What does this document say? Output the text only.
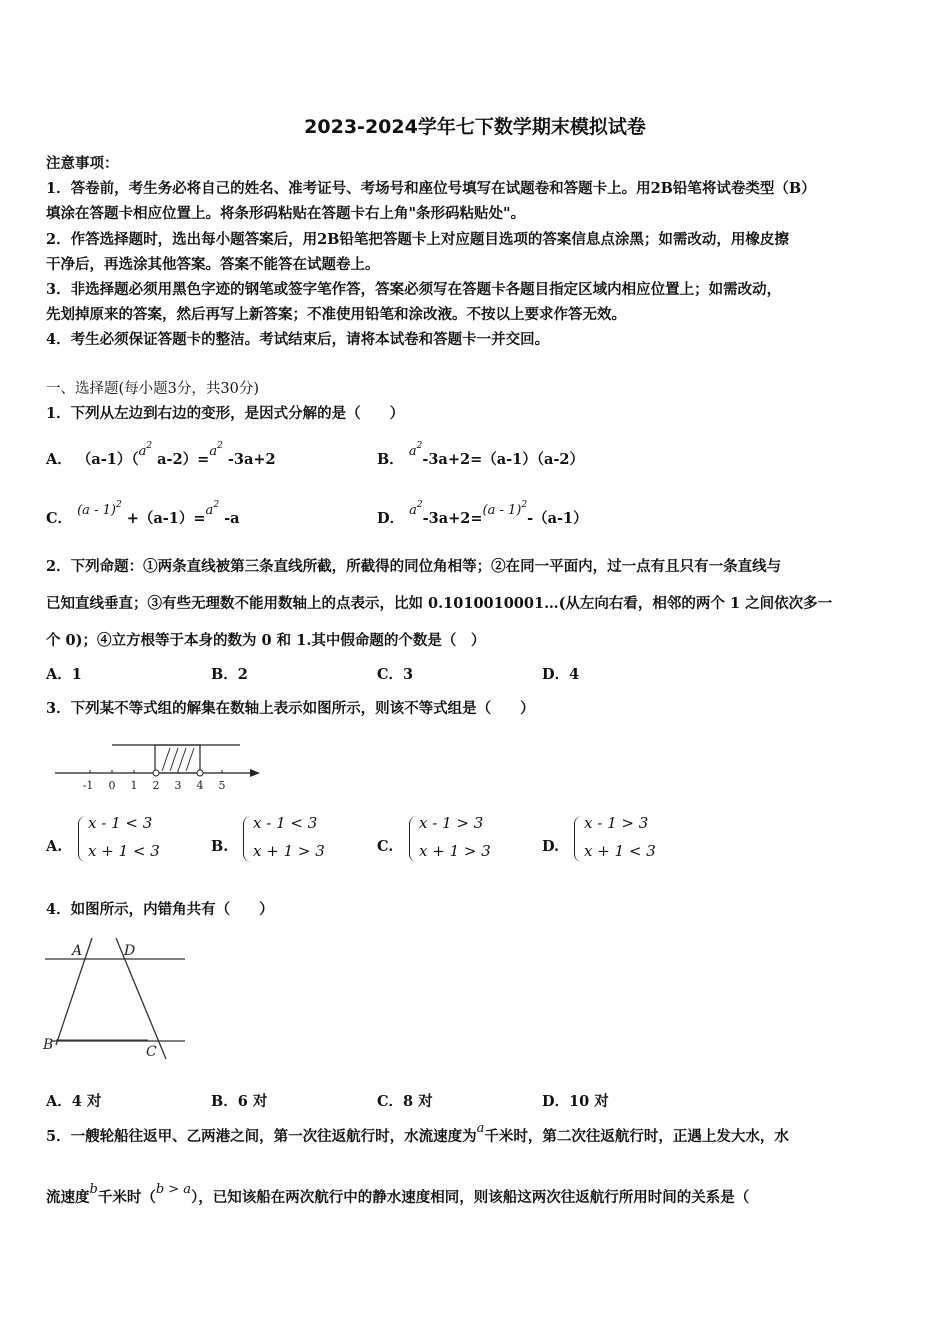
2023-2024学年七下数学期末模拟试卷
注意事项：
1．答卷前，考生务必将自己的姓名、准考证号、考场号和座位号填写在试题卷和答题卡上。用2B铅笔将试卷类型（B）
填涂在答题卡相应位置上。将条形码粘贴在答题卡右上角"条形码粘贴处"。
2．作答选择题时，选出每小题答案后，用2B铅笔把答题卡上对应题目选项的答案信息点涂黑；如需改动，用橡皮擦
干净后，再选涂其他答案。答案不能答在试题卷上。
3．非选择题必须用黑色字迹的钢笔或签字笔作答，答案必须写在答题卡各题目指定区域内相应位置上；如需改动，
先划掉原来的答案，然后再写上新答案；不准使用铅笔和涂改液。不按以上要求作答无效。
4．考生必须保证答题卡的整洁。考试结束后，请将本试卷和答题卡一并交回。
一、选择题(每小题3分，共30分)
1．下列从左边到右边的变形，是因式分解的是（　　）
A． $(a-1)(a^2$ $a-2)=a^2$ -3a+2	B． $a^2-3a+2=(a-1)(a-2)$
C． $(a - 1)^2 +(a-1)=a^2$ -a	D． $a^2-3a+2=(a - 1)^2-(a-1)$
2．下列命题：①两条直线被第三条直线所截，所截得的同位角相等；②在同一平面内，过一点有且只有一条直线与
已知直线垂直；③有些无理数不能用数轴上的点表示，比如 0.1010010001…(从左向右看，相邻的两个 1 之间依次多一
个 0)；④立方根等于本身的数为 0 和 1.其中假命题的个数是（　）
A．1	B．2	C．3	D．4
3．下列某不等式组的解集在数轴上表示如图所示，则该不等式组是（　　）
-1 0 1 2 3 4 5
A.
x - 1 < 3
x + 1 < 3	B.
x - 1 < 3
x + 1 > 3	C.
x - 1 > 3
x + 1 > 3	D.
x - 1 > 3
x + 1 < 3
4．如图所示，内错角共有（　　）
A	D
B	C
A．4 对	B．6 对	C．8 对	D．10 对
5．一艘轮船往返甲、乙两港之间，第一次往返航行时，水流速度为a千米时，第二次往返航行时，正遇上发大水，水
流速度b千米时（b > a），已知该船在两次航行中的静水速度相同，则该船这两次往返航行所用时间的关系是（
